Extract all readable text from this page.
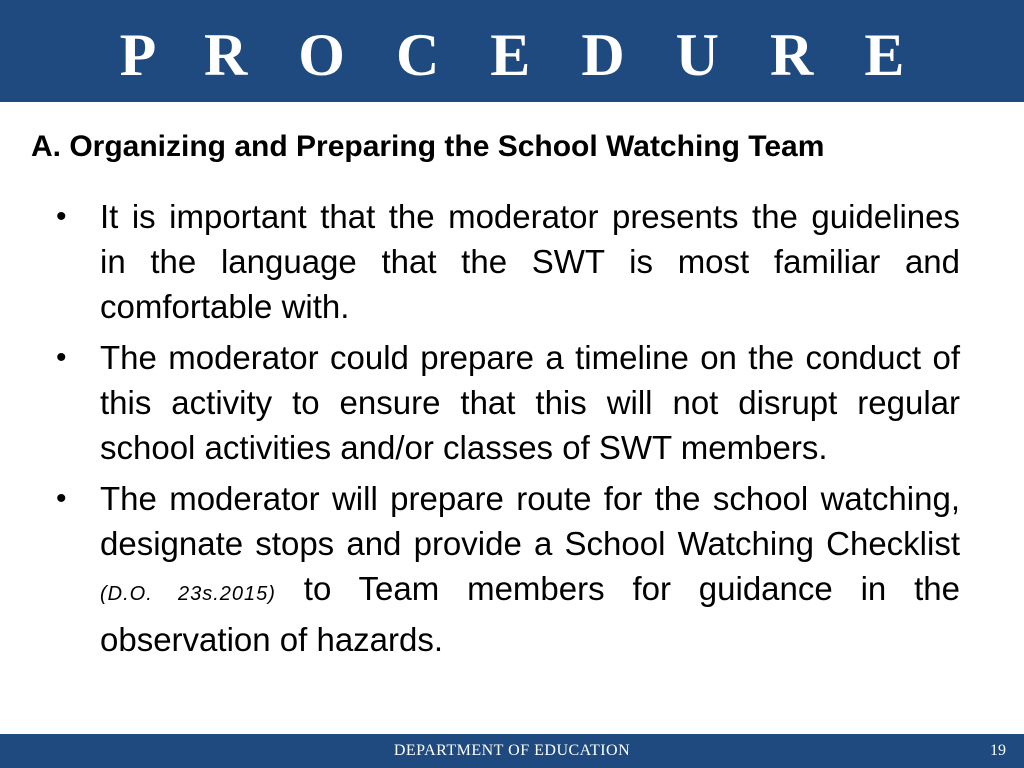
P R O C E D U R E
A. Organizing and Preparing the School Watching Team
• It is important that the moderator presents the guidelines in the language that the SWT is most familiar and comfortable with.
• The moderator could prepare a timeline on the conduct of this activity to ensure that this will not disrupt regular school activities and/or classes of SWT members.
• The moderator will prepare route for the school watching, designate stops and provide a School Watching Checklist (D.O. 23s.2015) to Team members for guidance in the observation of hazards.
DEPARTMENT OF EDUCATION	19
